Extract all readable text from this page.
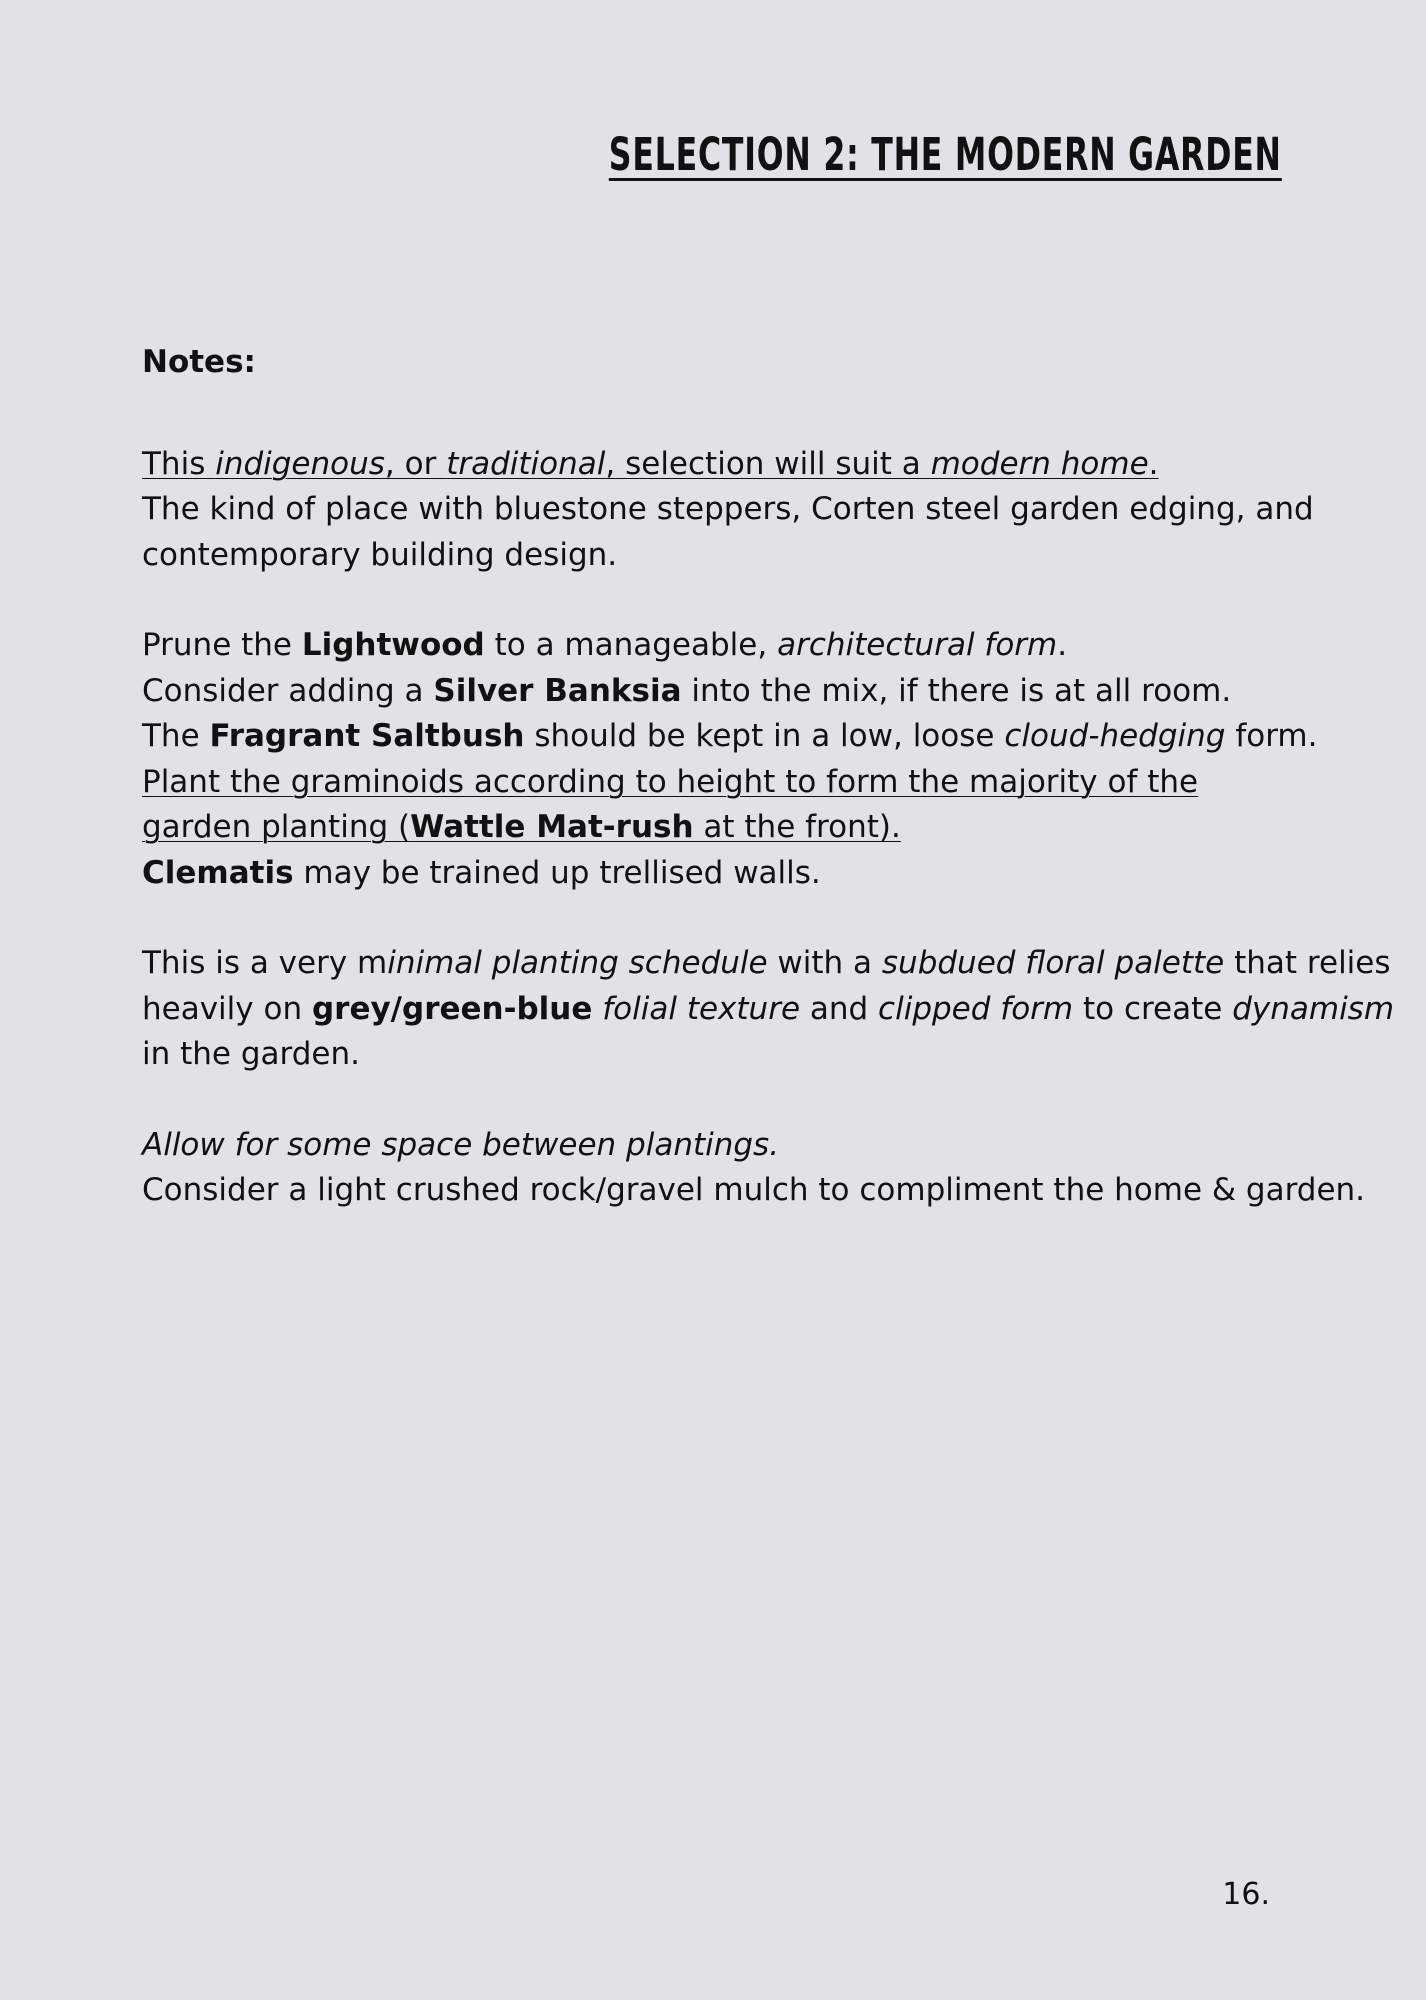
SELECTION 2: THE MODERN GARDEN

Notes:

This indigenous, or traditional, selection will suit a modern home.
The kind of place with bluestone steppers, Corten steel garden edging, and
contemporary building design.

Prune the Lightwood to a manageable, architectural form.
Consider adding a Silver Banksia into the mix, if there is at all room.
The Fragrant Saltbush should be kept in a low, loose cloud-hedging form.
Plant the graminoids according to height to form the majority of the
garden planting (Wattle Mat-rush at the front).
Clematis may be trained up trellised walls.

This is a very minimal planting schedule with a subdued floral palette that relies
heavily on grey/green-blue folial texture and clipped form to create dynamism
in the garden.

Allow for some space between plantings.
Consider a light crushed rock/gravel mulch to compliment the home & garden.

16.
